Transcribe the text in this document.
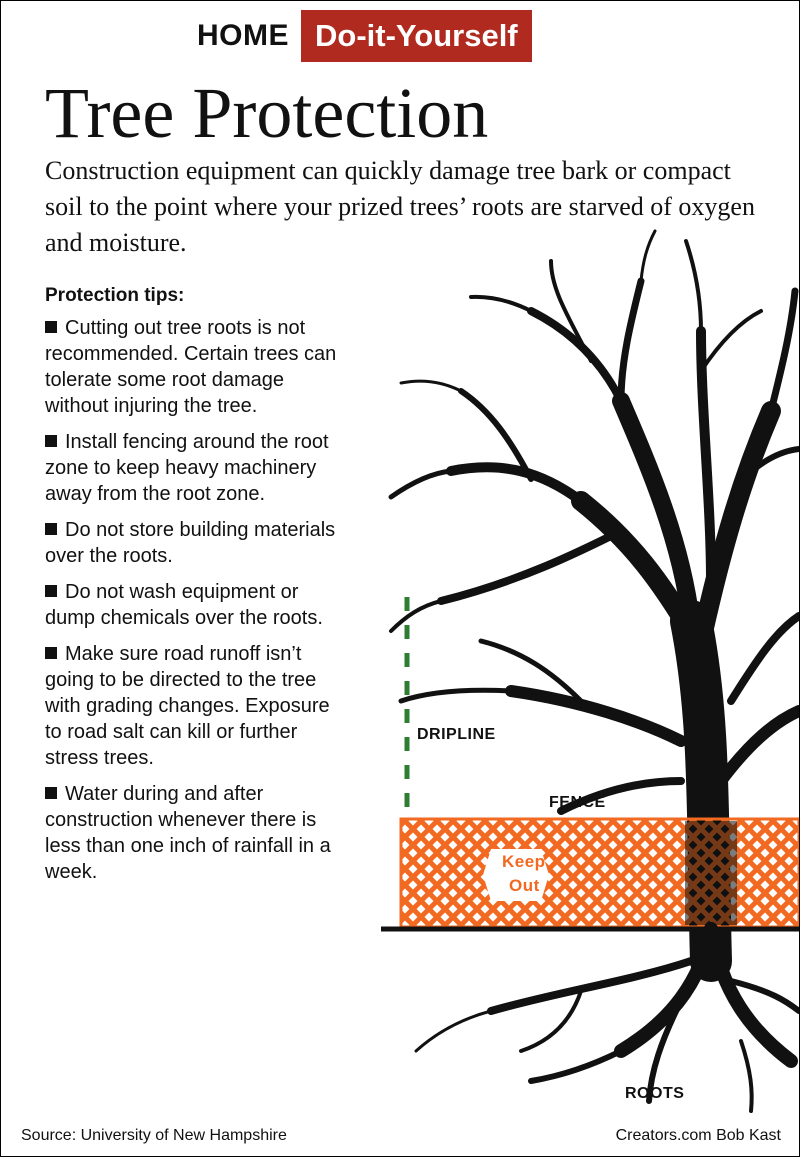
HOME Do-it-Yourself
Tree Protection

Construction equipment can quickly damage tree bark or compact soil to the point where your prized trees’ roots are starved of oxygen and moisture.

Protection tips:

Cutting out tree roots is not recommended. Certain trees can tolerate some root damage without injuring the tree.

Install fencing around the root zone to keep heavy machinery away from the root zone.

Do not store building materials over the roots.

Do not wash equipment or dump chemicals over the roots.

Make sure road runoff isn’t going to be directed to the tree with grading changes. Exposure to road salt can kill or further stress trees.

Water during and after construction whenever there is less than one inch of rainfall in a week.

DRIPLINE
FENCE
Keep
Out
ROOTS
Source: University of New Hampshire	Creators.com Bob Kast
